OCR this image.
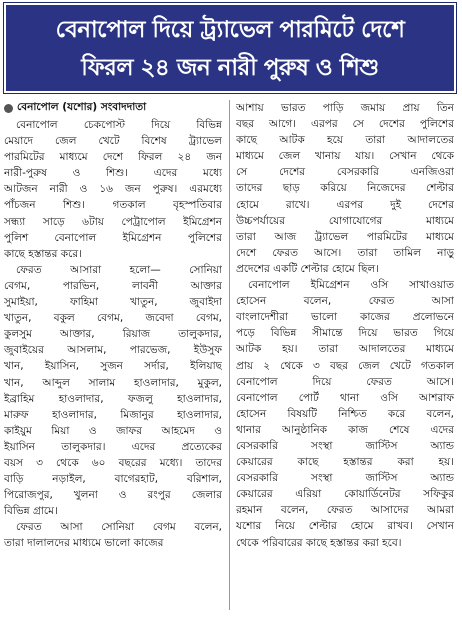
বেনাপোল দিয়ে ট্র্যাভেল পারমিটে দেশে
ফিরল ২৪ জন নারী পুরুষ ও শিশু
বেনাপোল (যশোর) সংবাদদাতা
বেনাপোল চেকপোস্ট দিয়ে বিভিন্ন
মেয়াদে জেল খেটে বিশেষ ট্র্যাভেল
পারমিটের মাধ্যমে দেশে ফিরল ২৪ জন
নারী-পুরুষ ও শিশু। এদের মধ্যে
আটজন নারী ও ১৬ জন পুরুষ। এরমধ্যে
পাঁচজন শিশু। গতকাল বৃহস্পতিবার
সন্ধ্যা সাড়ে ৬টায় পেট্রাপোল ইমিগ্রেশন
পুলিশ বেনাপোল ইমিগ্রেশন পুলিশের
কাছে হস্তান্তর করে।
ফেরত আসারা হলো— সোনিয়া
বেগম, পারভিন, লাবনী আক্তার
সুমাইয়া, ফাহিমা খাতুন, জুবাইদা
খাতুন, বকুল বেগম, জবেদা বেগম,
কুলসুম আক্তার, রিয়াজ তালুকদার,
জুবাইয়ের আসলাম, পারভেজ, ইউসুফ
খান, ইয়াসিন, সুজন সর্দার, ইলিয়াছ
খান, আব্দুল সালাম হাওলাদার, মুকুল,
ইব্রাহিম হাওলাদার, ফজলু হাওলাদার,
মারুফ হাওলাদার, মিজানুর হাওলাদার,
কাইয়ুম মিয়া ও জাফর আহমেদ ও
ইয়াসিন তালুকদার। এদের প্রত্যেকের
বয়স ৩ থেকে ৬০ বছরের মধ্যে। তাদের
বাড়ি নড়াইল, বাগেরহাট, বরিশাল,
পিরোজপুর, খুলনা ও রংপুর জেলার
বিভিন্ন গ্রামে।
ফেরত আসা সোনিয়া বেগম বলেন,
তারা দালালদের মাধ্যমে ভালো কাজের
আশায় ভারত পাড়ি জমায় প্রায় তিন
বছর আগে। এরপর সে দেশের পুলিশের
কাছে আটক হয়ে তারা আদালতের
মাধ্যমে জেল খানায় যায়। সেখান থেকে
সে দেশের বেসরকারি এনজিওরা
তাদের ছাড় করিয়ে নিজেদের শেল্টার
হোমে রাখে। এরপর দুই দেশের
উচ্চপর্যায়ের যোগাযোগের মাধ্যমে
তারা আজ ট্র্যাভেল পারমিটের মাধ্যমে
দেশে ফেরত আসে। তারা তামিল নাড়ু
প্রদেশের একটি শেল্টার হোমে ছিল।
বেনাপোল ইমিগ্রেশন ওসি সাখাওয়াত
হোসেন বলেন, ফেরত আসা
বাংলাদেশীরা ভালো কাজের প্রলোভনে
পড়ে বিভিন্ন সীমান্তে দিয়ে ভারত গিয়ে
আটক হয়। তারা আদালতের মাধ্যমে
প্রায় ২ থেকে ৩ বছর জেল খেটে গতকাল
বেনাপোল দিয়ে ফেরত আসে।
বেনাপোল পোর্ট থানা ওসি আশরাফ
হোসেন বিষয়টি নিশ্চিত করে বলেন,
থানার আনুষ্ঠানিক কাজ শেষে এদের
বেসরকারি সংস্থা জাস্টিস অ্যান্ড
কেয়ারের কাছে হস্তান্তর করা হয়।
বেসরকারি সংস্থা জাস্টিস অ্যান্ড
কেয়ারের এরিয়া কোয়ার্ডিনেটর সফিকুর
রহমান বলেন, ফেরত আসাদের আমরা
যশোর নিয়ে শেল্টার হোমে রাখব। সেখান
থেকে পরিবারের কাছে হস্তান্তর করা হবে।
